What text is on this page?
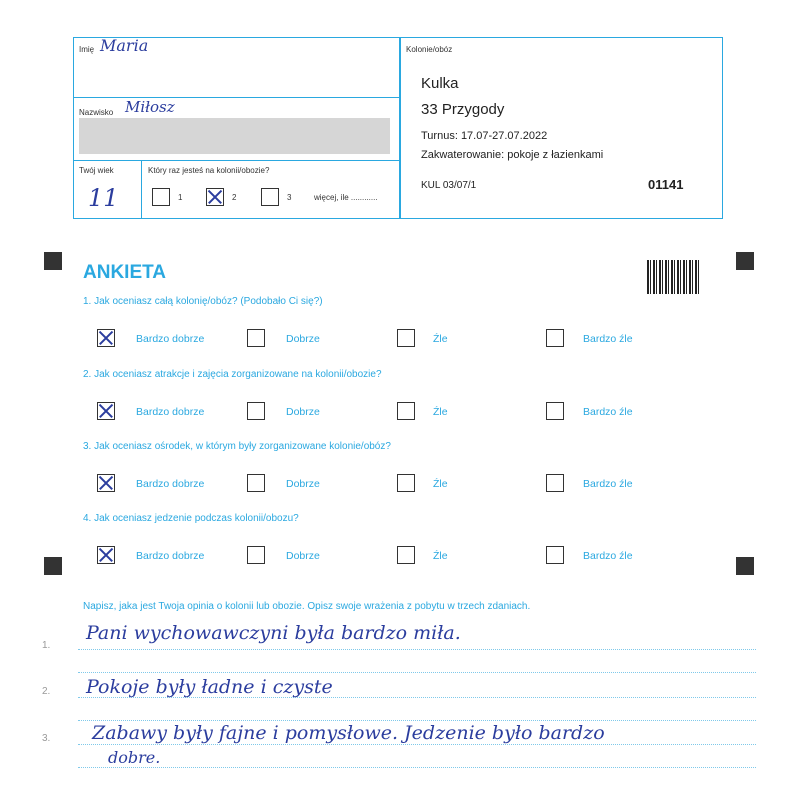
Imię Maria
Nazwisko Miłosz
Twój wiek
11
Który raz jesteś na kolonii/obozie?
1	2	3	więcej, ile ............
Kolonie/obóz
Kulka
33 Przygody
Turnus: 17.07-27.07.2022
Zakwaterowanie: pokoje z łazienkami
KUL 03/07/1	01141
ANKIETA
1. Jak oceniasz całą kolonię/obóz? (Podobało Ci się?)
Bardzo dobrze	Dobrze	Źle	Bardzo źle
2. Jak oceniasz atrakcje i zajęcia zorganizowane na kolonii/obozie?
Bardzo dobrze	Dobrze	Źle	Bardzo źle
3. Jak oceniasz ośrodek, w którym były zorganizowane kolonie/obóz?
Bardzo dobrze	Dobrze	Źle	Bardzo źle
4. Jak oceniasz jedzenie podczas kolonii/obozu?
Bardzo dobrze	Dobrze	Źle	Bardzo źle
Napisz, jaka jest Twoja opinia o kolonii lub obozie. Opisz swoje wrażenia z pobytu w trzech zdaniach.
1.
2.
3.
Pani wychowawczyni była bardzo miła.
Pokoje były ładne i czyste
Zabawy były fajne i pomysłowe. Jedzenie było bardzo
dobre.
